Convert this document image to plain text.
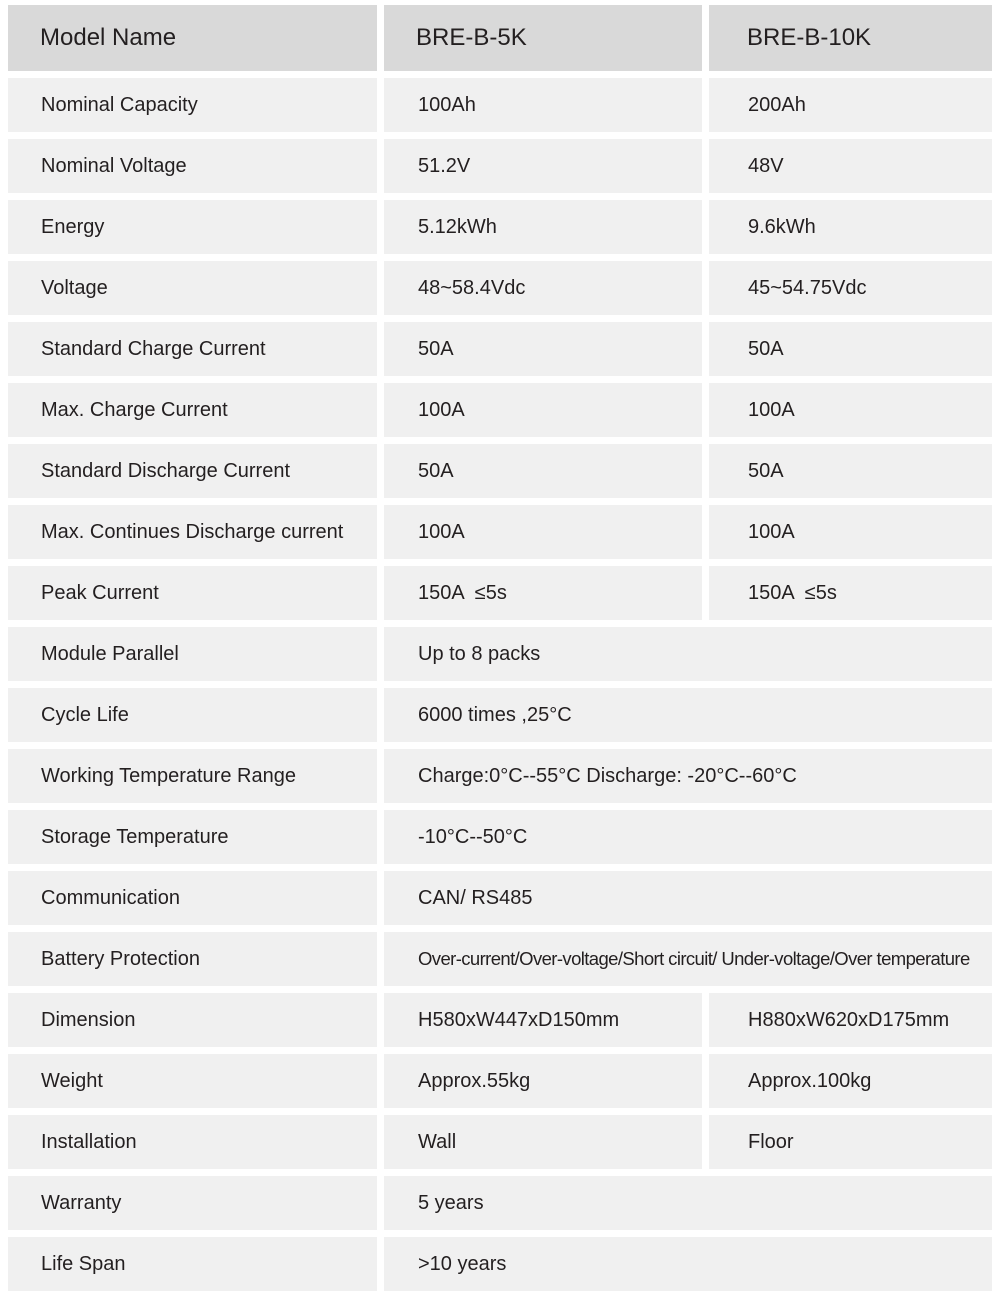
Model Name	BRE-B-5K	BRE-B-10K
Nominal Capacity	100Ah	200Ah
Nominal Voltage	51.2V	48V
Energy	5.12kWh	9.6kWh
Voltage	48~58.4Vdc	45~54.75Vdc
Standard Charge Current	50A	50A
Max. Charge Current	100A	100A
Standard Discharge Current	50A	50A
Max. Continues Discharge current	100A	100A
Peak Current	150A  ≤5s	150A  ≤5s
Module Parallel	Up to 8 packs
Cycle Life	6000 times ,25°C
Working Temperature Range	Charge:0°C--55°C Discharge: -20°C--60°C
Storage Temperature	-10°C--50°C
Communication	CAN/ RS485
Battery Protection	Over-current/Over-voltage/Short circuit/ Under-voltage/Over temperature
Dimension	H580xW447xD150mm	H880xW620xD175mm
Weight	Approx.55kg	Approx.100kg
Installation	Wall	Floor
Warranty	5 years
Life Span	>10 years
